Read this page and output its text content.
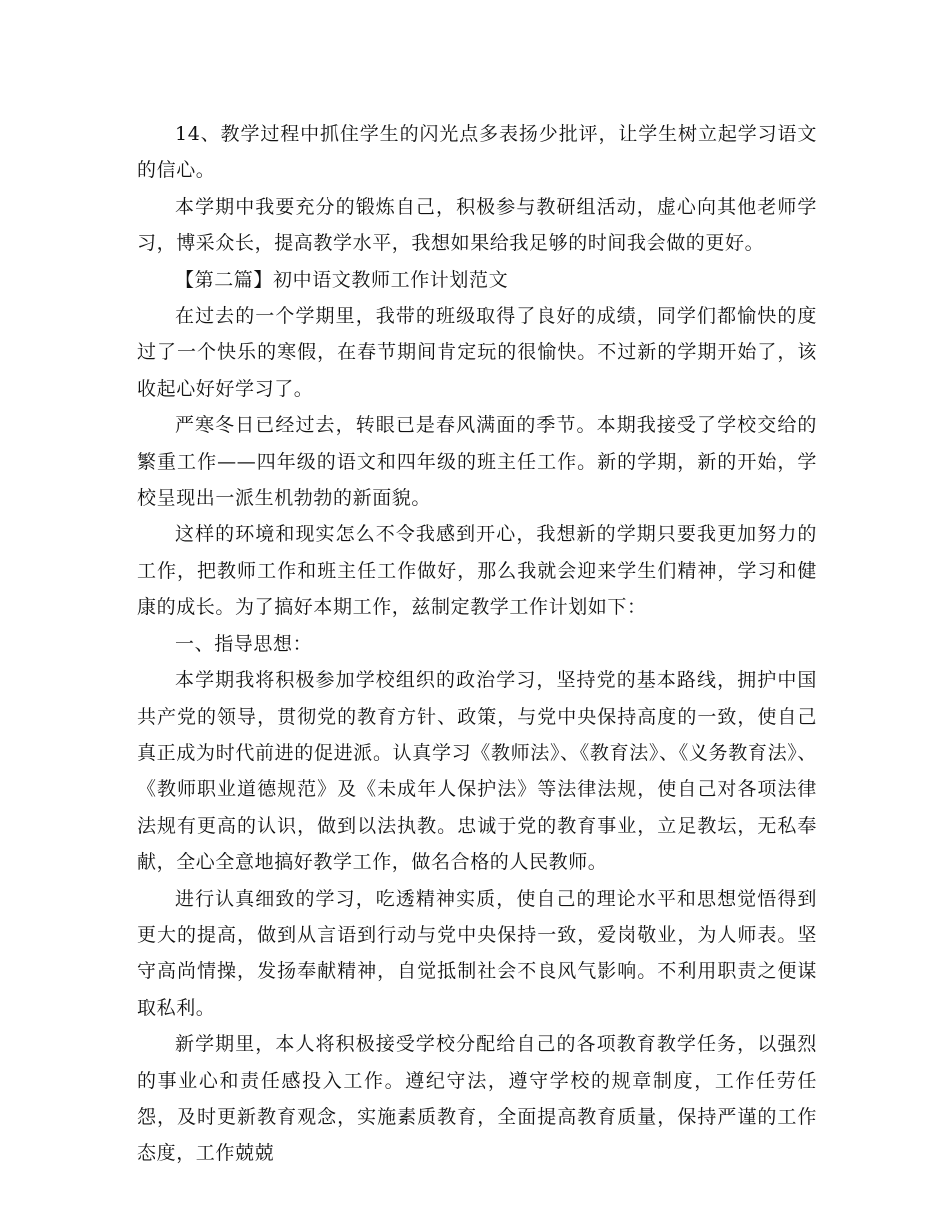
14、教学过程中抓住学生的闪光点多表扬少批评，让学生树立起学习语文的信心。

本学期中我要充分的锻炼自己，积极参与教研组活动，虚心向其他老师学习，博采众长，提高教学水平，我想如果给我足够的时间我会做的更好。

【第二篇】初中语文教师工作计划范文

在过去的一个学期里，我带的班级取得了良好的成绩，同学们都愉快的度过了一个快乐的寒假，在春节期间肯定玩的很愉快。不过新的学期开始了，该收起心好好学习了。

严寒冬日已经过去，转眼已是春风满面的季节。本期我接受了学校交给的繁重工作——四年级的语文和四年级的班主任工作。新的学期，新的开始，学校呈现出一派生机勃勃的新面貌。

这样的环境和现实怎么不令我感到开心，我想新的学期只要我更加努力的工作，把教师工作和班主任工作做好，那么我就会迎来学生们精神，学习和健康的成长。为了搞好本期工作，兹制定教学工作计划如下：

一、指导思想：

本学期我将积极参加学校组织的政治学习，坚持党的基本路线，拥护中国共产党的领导，贯彻党的教育方针、政策，与党中央保持高度的一致，使自己真正成为时代前进的促进派。认真学习《教师法》、《教育法》、《义务教育法》、《教师职业道德规范》及《未成年人保护法》等法律法规，使自己对各项法律法规有更高的认识，做到以法执教。忠诚于党的教育事业，立足教坛，无私奉献，全心全意地搞好教学工作，做名合格的人民教师。

进行认真细致的学习，吃透精神实质，使自己的理论水平和思想觉悟得到更大的提高，做到从言语到行动与党中央保持一致，爱岗敬业，为人师表。坚守高尚情操，发扬奉献精神，自觉抵制社会不良风气影响。不利用职责之便谋取私利。

新学期里，本人将积极接受学校分配给自己的各项教育教学任务，以强烈的事业心和责任感投入工作。遵纪守法，遵守学校的规章制度，工作任劳任怨，及时更新教育观念，实施素质教育，全面提高教育质量，保持严谨的工作态度，工作兢兢
